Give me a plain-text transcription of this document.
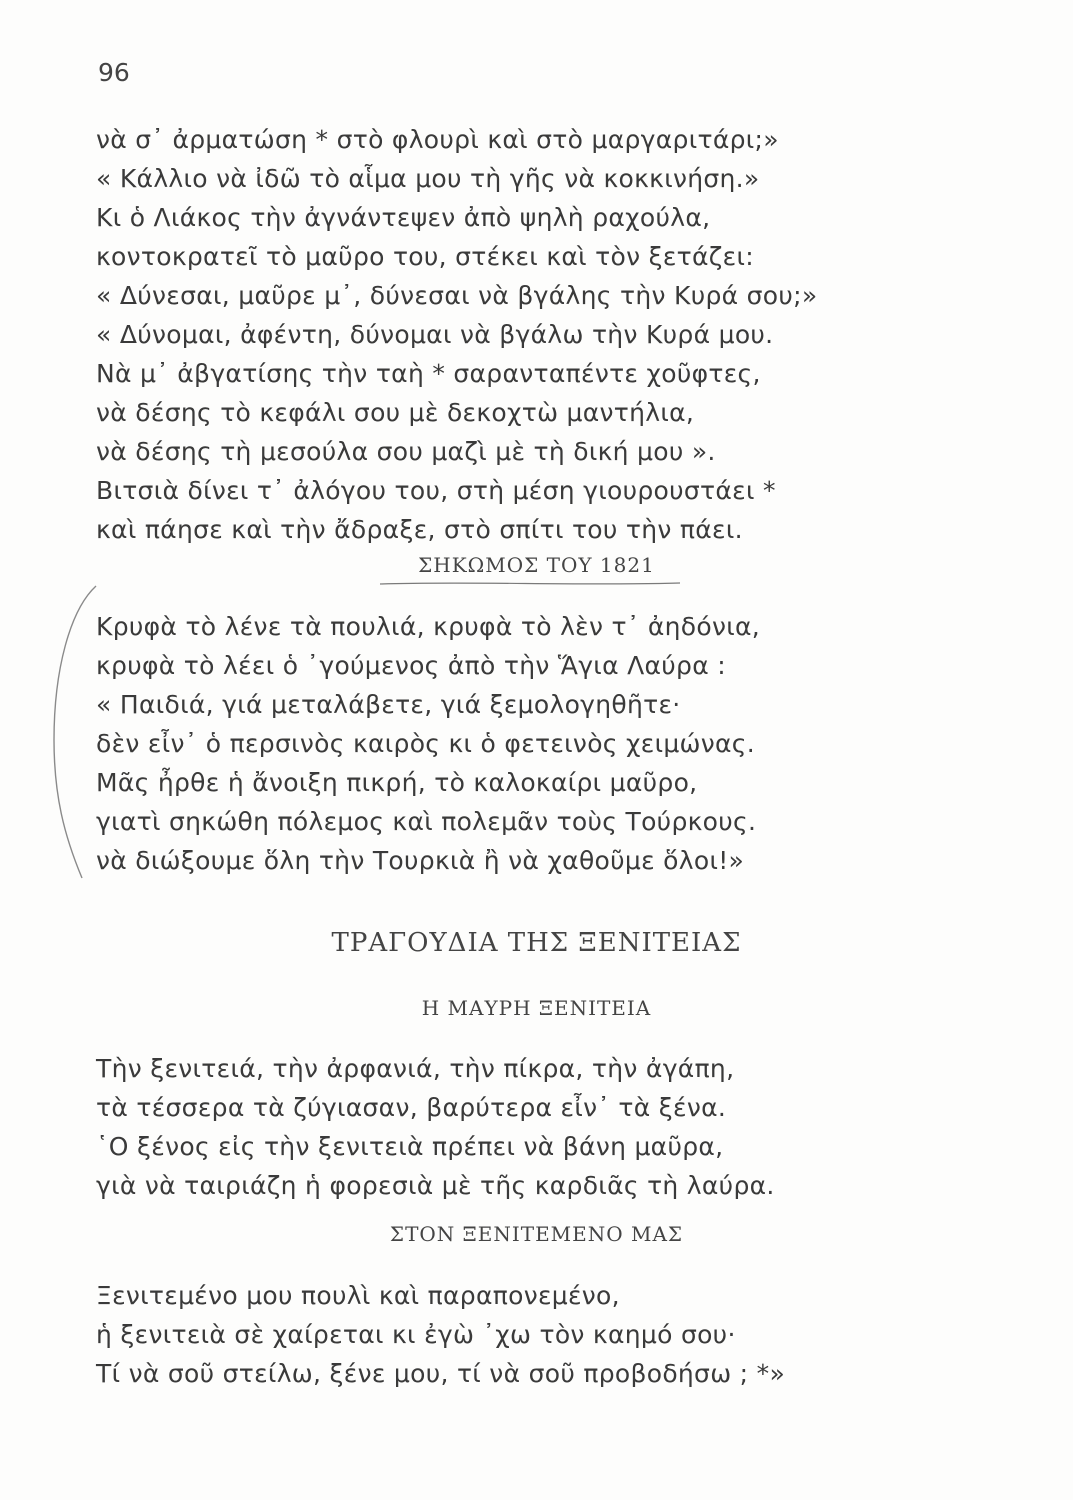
96
νὰ σ᾽ ἀρματώση * στὸ φλουρὶ καὶ στὸ μαργαριτάρι;»
« Κάλλιο νὰ ἰδῶ τὸ αἷμα μου τὴ γῆς νὰ κοκκινήση.»
Κι ὁ Λιάκος τὴν ἀγνάντεψεν ἀπὸ ψηλὴ ραχούλα,
κοντοκρατεῖ τὸ μαῦρο του, στέκει καὶ τὸν ξετάζει:
« Δύνεσαι, μαῦρε μ᾽, δύνεσαι νὰ βγάλης τὴν Κυρά σου;»
« Δύνομαι, ἀφέντη, δύνομαι νὰ βγάλω τὴν Κυρά μου.
Νὰ μ᾽ ἀβγατίσης τὴν ταὴ * σαρανταπέντε χοῦφτες,
νὰ δέσης τὸ κεφάλι σου μὲ δεκοχτὼ μαντήλια,
νὰ δέσης τὴ μεσούλα σου μαζὶ μὲ τὴ δική μου ».
Βιτσιὰ δίνει τ᾽ ἀλόγου του, στὴ μέση γιουρουστάει *
καὶ πάησε καὶ τὴν ἄδραξε, στὸ σπίτι του τὴν πάει.
ΣΗΚΩΜΟΣ ΤΟΥ 1821
Κρυφὰ τὸ λένε τὰ πουλιά, κρυφὰ τὸ λὲν τ᾽ ἀηδόνια,
κρυφὰ τὸ λέει ὁ ᾽γούμενος ἀπὸ τὴν Ἅγια Λαύρα :
« Παιδιά, γιά μεταλάβετε, γιά ξεμολογηθῆτε·
δὲν εἶν᾽ ὁ περσινὸς καιρὸς κι ὁ φετεινὸς χειμώνας.
Μᾶς ἦρθε ἡ ἄνοιξη πικρή, τὸ καλοκαίρι μαῦρο,
γιατὶ σηκώθη πόλεμος καὶ πολεμᾶν τοὺς Τούρκους.
νὰ διώξουμε ὅλη τὴν Τουρκιὰ ἢ νὰ χαθοῦμε ὅλοι!»
ΤΡΑΓΟΥΔΙΑ ΤΗΣ ΞΕΝΙΤΕΙΑΣ
Η ΜΑΥΡΗ ΞΕΝΙΤΕΙΑ
Τὴν ξενιτειά, τὴν ἀρφανιά, τὴν πίκρα, τὴν ἀγάπη,
τὰ τέσσερα τὰ ζύγιασαν, βαρύτερα εἶν᾽ τὰ ξένα.
῾Ο ξένος εἰς τὴν ξενιτειὰ πρέπει νὰ βάνη μαῦρα,
γιὰ νὰ ταιριάζη ἡ φορεσιὰ μὲ τῆς καρδιᾶς τὴ λαύρα.
ΣΤΟΝ ΞΕΝΙΤΕΜΕΝΟ ΜΑΣ
Ξενιτεμένο μου πουλὶ καὶ παραπονεμένο,
ἡ ξενιτειὰ σὲ χαίρεται κι ἐγὼ ᾽χω τὸν καημό σου·
Τί νὰ σοῦ στείλω, ξένε μου, τί νὰ σοῦ προβοδήσω ; *»
